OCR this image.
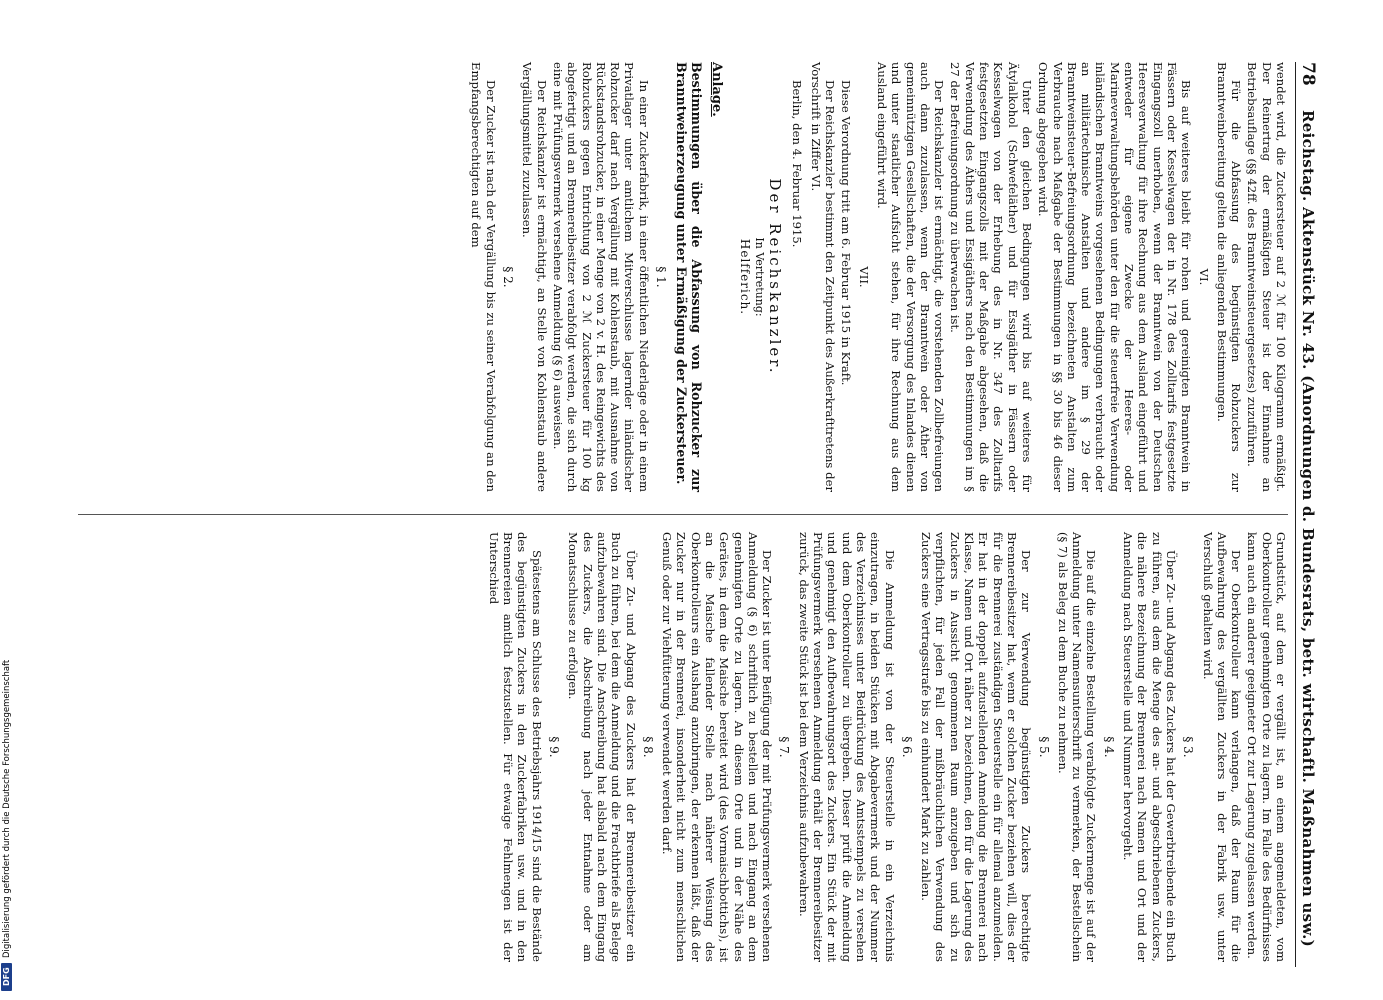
78
Reichstag. Aktenstück Nr. 43. (Anordnungen d. Bundesrats, betr. wirtschaftl. Maßnahmen usw.)

wendet wird, die Zuckersteuer auf 2 ℳ für 100 Kilogramm ermäßigt. Der Reinertrag der ermäßigten Steuer ist der Einnahme an Betriebsauflage (§§ 42ff. des Branntweinsteuergesetzes) zuzuführen.

Für die Abfassung des begünstigten Rohzuckers zur Branntweinbereitung gelten die anliegenden Bestimmungen.

VI.

Bis auf weiteres bleibt für rohen und gereinigten Branntwein in Fässern oder Kesselwagen der in Nr. 178 des Zolltarifs festgesetzte Eingangszoll unerhoben, wenn der Branntwein von der Deutschen Heeresverwaltung für ihre Rechnung aus dem Ausland eingeführt und entweder für eigene Zwecke der Heeres- oder Marineverwaltungsbehörden unter den für die steuerfreie Verwendung inländischen Branntweins vorgesehenen Bedingungen verbraucht oder an militärtechnische Anstalten und andere im § 29 der Branntweinsteuer-Befreiungsordnung bezeichneten Anstalten zum Verbrauche nach Maßgabe der Bestimmungen in §§ 30 bis 46 dieser Ordnung abgegeben wird.

Unter den gleichen Bedingungen wird bis auf weiteres für Ätylalkohol (Schwefeläther) und für Essigäther in Fässern oder Kesselwagen von der Erhebung des in Nr. 347 des Zolltarifs festgesetzten Eingangszolls mit der Maßgabe abgesehen, daß die Verwendung des Äthers und Essigäthers nach den Bestimmungen im § 27 der Befreiungsordnung zu überwachen ist.

Der Reichskanzler ist ermächtigt, die vorstehenden Zollbefreiungen auch dann zuzulassen, wenn der Branntwein oder Äther von gemeinnützigen Gesellschaften, die der Versorgung des Inlandes dienen und unter staatlicher Aufsicht stehen, für ihre Rechnung aus dem Ausland eingeführt wird.

VII.

Diese Verordnung tritt am 6. Februar 1915 in Kraft.

Der Reichskanzler bestimmt den Zeitpunkt des Außerkrafttretens der Vorschrift in Ziffer VI.

Berlin, den 4. Februar 1915.

Der Reichskanzler.
In Vertretung:
Helfferich.
Anlage.
Bestimmungen über die Abfassung von Rohzucker zur Branntweinerzeugung unter Ermäßigung der Zuckersteuer.
§ 1.

In einer Zuckerfabrik, in einer öffentlichen Niederlage oder in einem Privatlager unter amtlichem Mitverschlusse lagernder inländischer Rohzucker darf nach Vergällung mit Kohlenstaub, mit Ausnahme von Rückstandsrohzucker, in einer Menge von 2 v. H. des Reingewichts des Rohzuckers gegen Entrichtung von 2 ℳ Zuckersteuer für 100 kg abgefertigt und an Brennereibesitzer verabfolgt werden, die sich durch eine mit Prüfungsvermerk versehene Anmeldung (§ 6) ausweisen.

Der Reichskanzler ist ermächtigt, an Stelle von Kohlenstaub andere Vergällungsmittel zuzulassen.

§ 2.

Der Zucker ist nach der Vergällung bis zu seiner Verabfolgung an den Empfangsberechtigten auf dem

Grundstück, auf dem er vergällt ist, an einem angemeldeten, vom Oberkontrolleur genehmigten Orte zu lagern. Im Falle des Bedürfnisses kann auch ein anderer geeigneter Ort zur Lagerung zugelassen werden.

Der Oberkontrolleur kann verlangen, daß der Raum für die Aufbewahrung des vergällten Zuckers in der Fabrik usw. unter Verschluß gehalten wird.

§ 3.

Über Zu- und Abgang des Zuckers hat der Gewerbtreibende ein Buch zu führen, aus dem die Menge des an- und abgeschriebenen Zuckers, die nähere Bezeichnung der Brennerei nach Namen und Ort und der Anmeldung nach Steuerstelle und Nummer hervorgeht.

§ 4.

Die auf die einzelne Bestellung verabfolgte Zuckermenge ist auf der Anmeldung unter Namensunterschrift zu vermerken, der Bestellschein (§ 7) als Beleg zu dem Buche zu nehmen.

§ 5.

Der zur Verwendung begünstigten Zuckers berechtigte Brennereibesitzer hat, wenn er solchen Zucker beziehen will, dies der für die Brennerei zuständigen Steuerstelle ein für allemal anzumelden. Er hat in der doppelt aufzustellenden Anmeldung die Brennerei nach Klasse, Namen und Ort näher zu bezeichnen, den für die Lagerung des Zuckers in Aussicht genommenen Raum anzugeben und sich zu verpflichten, für jeden Fall der mißbräuchlichen Verwendung des Zuckers eine Vertragsstrafe bis zu einhundert Mark zu zahlen.

§ 6.

Die Anmeldung ist von der Steuerstelle in ein Verzeichnis einzutragen, in beiden Stücken mit Abgabevermerk und der Nummer des Verzeichnisses unter Beidrückung des Amtsstempels zu versehen und dem Oberkontrolleur zu übergeben. Dieser prüft die Anmeldung und genehmigt den Aufbewahrungsort des Zuckers. Ein Stück der mit Prüfungsvermerk versehenen Anmeldung erhält der Brennereibesitzer zurück, das zweite Stück ist bei dem Verzeichnis aufzubewahren.

§ 7.

Der Zucker ist unter Beifügung der mit Prüfungsvermerk versehenen Anmeldung (§ 6) schriftlich zu bestellen und nach Eingang an dem genehmigten Orte zu lagern. An diesem Orte und in der Nähe des Gerätes, in dem die Maische bereitet wird (des Vormaischbottichs), ist an die Maische fallender Stelle nach näherer Weisung des Oberkontrolleurs ein Aushang anzubringen, der erkennen läßt, daß der Zucker nur in der Brennerei, insonderheit nicht zum menschlichen Genuß oder zur Viehfütterung verwendet werden darf.

§ 8.

Über Zu- und Abgang des Zuckers hat der Brennereibesitzer ein Buch zu führen, bei dem die Anmeldung und die Frachtbriefe als Belege aufzubewahren sind. Die Anschreibung hat alsbald nach dem Eingang des Zuckers, die Abschreibung nach jeder Entnahme oder am Monatsschlusse zu erfolgen.

§ 9.

Spätestens am Schlusse des Betriebsjahrs 1914/15 sind die Bestände des begünstigten Zuckers in den Zuckerfabriken usw. und in den Brennereien amtlich festzustellen. Für etwaige Fehlmengen ist der Unterschied

Digitalisierung gefördert durch die Deutsche Forschungsgemeinschaft
DFG
